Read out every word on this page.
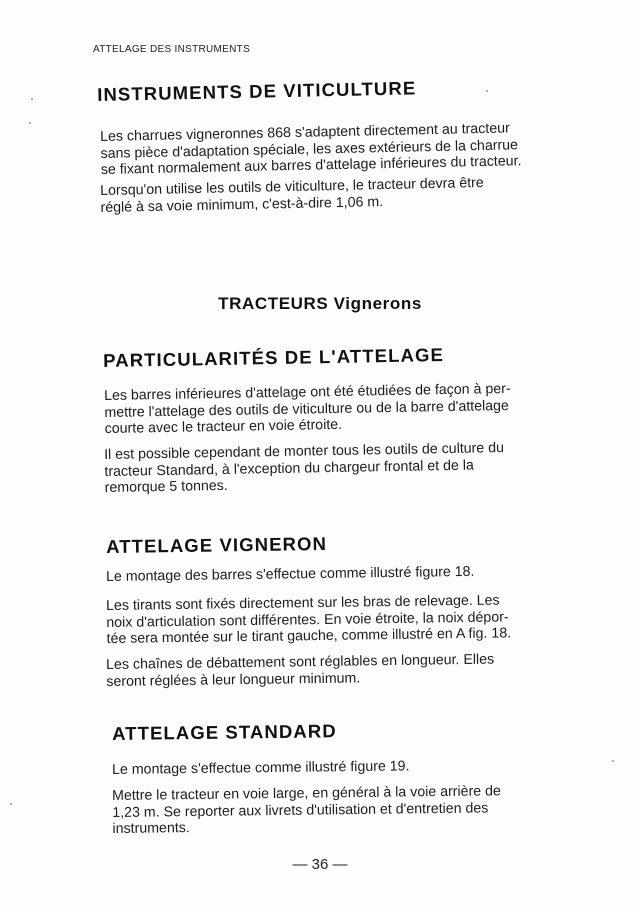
ATTELAGE DES INSTRUMENTS
INSTRUMENTS DE VITICULTURE
Les charrues vigneronnes 868 s'adaptent directement au tracteur
sans pièce d'adaptation spéciale, les axes extérieurs de la charrue
se fixant normalement aux barres d'attelage inférieures du tracteur.
Lorsqu'on utilise les outils de viticulture, le tracteur devra être
réglé à sa voie minimum, c'est-à-dire 1,06 m.
TRACTEURS Vignerons
PARTICULARITÉS DE L'ATTELAGE
Les barres inférieures d'attelage ont été étudiées de façon à per-
mettre l'attelage des outils de viticulture ou de la barre d'attelage
courte avec le tracteur en voie étroite.
Il est possible cependant de monter tous les outils de culture du
tracteur Standard, à l'exception du chargeur frontal et de la
remorque 5 tonnes.
ATTELAGE VIGNERON
Le montage des barres s'effectue comme illustré figure 18.
Les tirants sont fixés directement sur les bras de relevage. Les
noix d'articulation sont différentes. En voie étroite, la noix dépor-
tée sera montée sur le tirant gauche, comme illustré en A fig. 18.
Les chaînes de débattement sont réglables en longueur. Elles
seront réglées à leur longueur minimum.
ATTELAGE STANDARD
Le montage s'effectue comme illustré figure 19.
Mettre le tracteur en voie large, en général à la voie arrière de
1,23 m. Se reporter aux livrets d'utilisation et d'entretien des
instruments.
— 36 —
